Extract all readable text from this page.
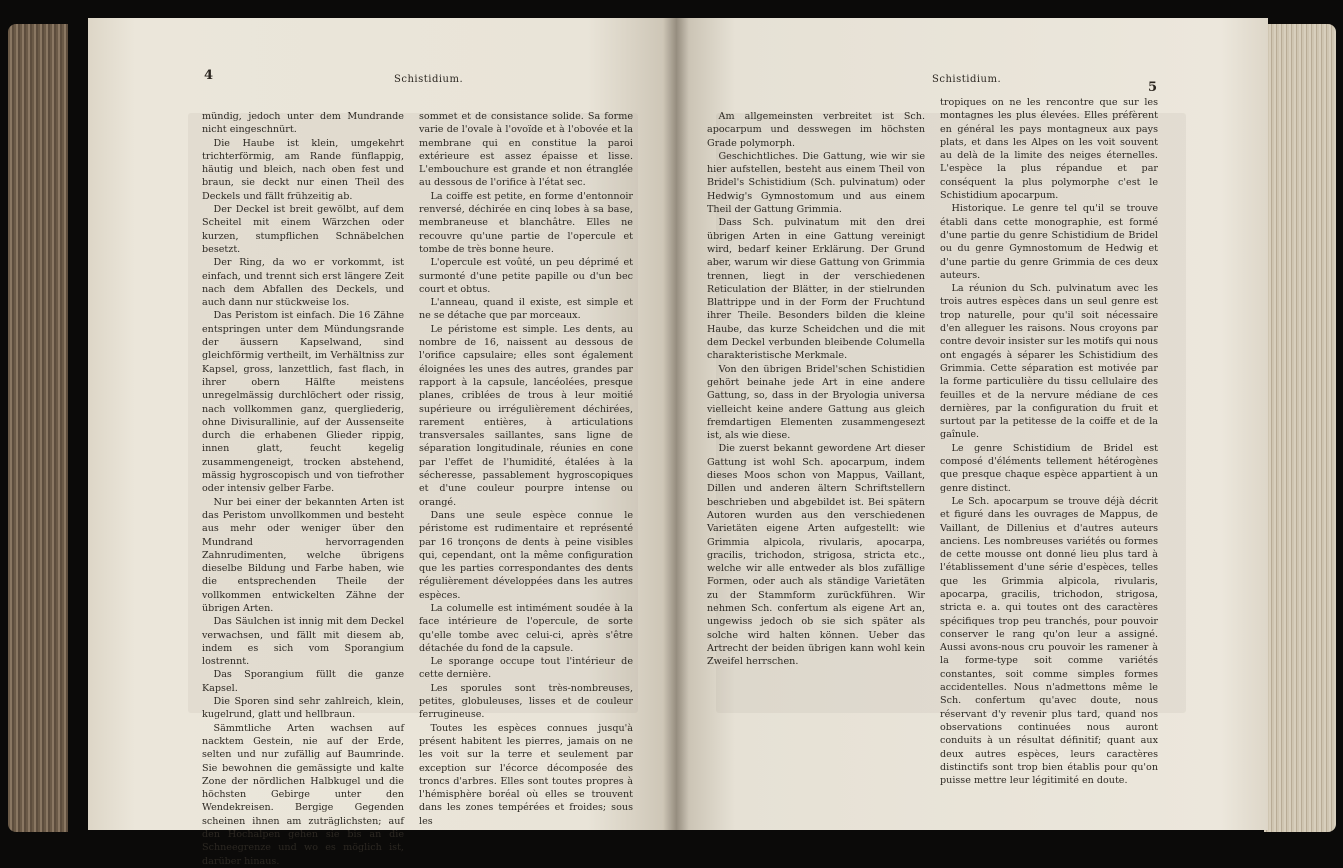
4	Schistidium.	Schistidium.
5

mündig, jedoch unter dem Mundrande nicht eingeschnürt.

Die Haube ist klein, umgekehrt trichterförmig, am Rande fünflappig, häutig und bleich, nach oben fest und braun, sie deckt nur einen Theil des Deckels und fällt frühzeitig ab.

Der Deckel ist breit gewölbt, auf dem Scheitel mit einem Wärzchen oder kurzen, stumpflichen Schnäbelchen besetzt.

Der Ring, da wo er vorkommt, ist einfach, und trennt sich erst längere Zeit nach dem Abfallen des Deckels, und auch dann nur stückweise los.

Das Peristom ist einfach. Die 16 Zähne entspringen unter dem Mündungsrande der äussern Kapselwand, sind gleichförmig vertheilt, im Verhältniss zur Kapsel, gross, lanzettlich, fast flach, in ihrer obern Hälfte meistens unregelmässig durchlöchert oder rissig, nach vollkommen ganz, quergliederig, ohne Divisurallinie, auf der Aussenseite durch die erhabenen Glieder rippig, innen glatt, feucht kegelig zusammengeneigt, trocken abstehend, mässig hygroscopisch und von tiefrother oder intensiv gelber Farbe.

Nur bei einer der bekannten Arten ist das Peristom unvollkommen und besteht aus mehr oder weniger über den Mundrand hervorragenden Zahnrudimenten, welche übrigens dieselbe Bildung und Farbe haben, wie die entsprechenden Theile der vollkommen entwickelten Zähne der übrigen Arten.

Das Säulchen ist innig mit dem Deckel verwachsen, und fällt mit diesem ab, indem es sich vom Sporangium lostrennt.

Das Sporangium füllt die ganze Kapsel.

Die Sporen sind sehr zahlreich, klein, kugelrund, glatt und hellbraun.

Sämmtliche Arten wachsen auf nacktem Gestein, nie auf der Erde, selten und nur zufällig auf Baumrinde. Sie bewohnen die gemässigte und kalte Zone der nördlichen Halbkugel und die höchsten Gebirge unter den Wendekreisen. Bergige Gegenden scheinen ihnen am zuträglichsten; auf den Hochalpen gehen sie bis an die Schneegrenze und wo es möglich ist, darüber hinaus.

sommet et de consistance solide. Sa forme varie de l'ovale à l'ovoïde et à l'obovée et la membrane qui en constitue la paroi extérieure est assez épaisse et lisse. L'embouchure est grande et non étranglée au dessous de l'orifice à l'état sec.

La coiffe est petite, en forme d'entonnoir renversé, déchirée en cinq lobes à sa base, membraneuse et blanchâtre. Elles ne recouvre qu'une partie de l'opercule et tombe de très bonne heure.

L'opercule est voûté, un peu déprimé et surmonté d'une petite papille ou d'un bec court et obtus.

L'anneau, quand il existe, est simple et ne se détache que par morceaux.

Le péristome est simple. Les dents, au nombre de 16, naissent au dessous de l'orifice capsulaire; elles sont également éloignées les unes des autres, grandes par rapport à la capsule, lancéolées, presque planes, criblées de trous à leur moitié supérieure ou irrégulièrement déchirées, rarement entières, à articulations transversales saillantes, sans ligne de séparation longitudinale, réunies en cone par l'effet de l'humidité, étalées à la sécheresse, passablement hygroscopiques et d'une couleur pourpre intense ou orangé.

Dans une seule espèce connue le péristome est rudimentaire et représenté par 16 tronçons de dents à peine visibles qui, cependant, ont la même configuration que les parties correspondantes des dents régulièrement développées dans les autres espèces.

La columelle est intimément soudée à la face intérieure de l'opercule, de sorte qu'elle tombe avec celui-ci, après s'être détachée du fond de la capsule.

Le sporange occupe tout l'intérieur de cette dernière.

Les sporules sont très-nombreuses, petites, globuleuses, lisses et de couleur ferrugineuse.

Toutes les espèces connues jusqu'à présent habitent les pierres, jamais on ne les voit sur la terre et seulement par exception sur l'écorce décomposée des troncs d'arbres. Elles sont toutes propres à l'hémisphère boréal où elles se trouvent dans les zones tempérées et froides; sous les

Am allgemeinsten verbreitet ist Sch. apocarpum und desswegen im höchsten Grade polymorph.

Geschichtliches. Die Gattung, wie wir sie hier aufstellen, besteht aus einem Theil von Bridel's Schistidium (Sch. pulvinatum) oder Hedwig's Gymnostomum und aus einem Theil der Gattung Grimmia.

Dass Sch. pulvinatum mit den drei übrigen Arten in eine Gattung vereinigt wird, bedarf keiner Erklärung. Der Grund aber, warum wir diese Gattung von Grimmia trennen, liegt in der verschiedenen Reticulation der Blätter, in der stielrunden Blattrippe und in der Form der Fruchtund ihrer Theile. Besonders bilden die kleine Haube, das kurze Scheidchen und die mit dem Deckel verbunden bleibende Columella charakteristische Merkmale.

Von den übrigen Bridel'schen Schistidien gehört beinahe jede Art in eine andere Gattung, so, dass in der Bryologia universa vielleicht keine andere Gattung aus gleich fremdartigen Elementen zusammengesezt ist, als wie diese.

Die zuerst bekannt gewordene Art dieser Gattung ist wohl Sch. apocarpum, indem dieses Moos schon von Mappus, Vaillant, Dillen und anderen ältern Schriftstellern beschrieben und abgebildet ist. Bei spätern Autoren wurden aus den verschiedenen Varietäten eigene Arten aufgestellt: wie Grimmia alpicola, rivularis, apocarpa, gracilis, trichodon, strigosa, stricta etc., welche wir alle entweder als blos zufällige Formen, oder auch als ständige Varietäten zu der Stammform zurückführen. Wir nehmen Sch. confertum als eigene Art an, ungewiss jedoch ob sie sich später als solche wird halten können. Ueber das Artrecht der beiden übrigen kann wohl kein Zweifel herrschen.

tropiques on ne les rencontre que sur les montagnes les plus élevées. Elles préfèrent en général les pays montagneux aux pays plats, et dans les Alpes on les voit souvent au delà de la limite des neiges éternelles. L'espèce la plus répandue et par conséquent la plus polymorphe c'est le Schistidium apocarpum.

Historique. Le genre tel qu'il se trouve établi dans cette monographie, est formé d'une partie du genre Schistidium de Bridel ou du genre Gymnostomum de Hedwig et d'une partie du genre Grimmia de ces deux auteurs.

La réunion du Sch. pulvinatum avec les trois autres espèces dans un seul genre est trop naturelle, pour qu'il soit nécessaire d'en alleguer les raisons. Nous croyons par contre devoir insister sur les motifs qui nous ont engagés à séparer les Schistidium des Grimmia. Cette séparation est motivée par la forme particulière du tissu cellulaire des feuilles et de la nervure médiane de ces dernières, par la configuration du fruit et surtout par la petitesse de la coiffe et de la gaînule.

Le genre Schistidium de Bridel est composé d'éléments tellement hétérogènes que presque chaque espèce appartient à un genre distinct.

Le Sch. apocarpum se trouve déjà décrit et figuré dans les ouvrages de Mappus, de Vaillant, de Dillenius et d'autres auteurs anciens. Les nombreuses variétés ou formes de cette mousse ont donné lieu plus tard à l'établissement d'une série d'espèces, telles que les Grimmia alpicola, rivularis, apocarpa, gracilis, trichodon, strigosa, stricta e. a. qui toutes ont des caractères spécifiques trop peu tranchés, pour pouvoir conserver le rang qu'on leur a assigné. Aussi avons-nous cru pouvoir les ramener à la forme-type soit comme variétés constantes, soit comme simples formes accidentelles. Nous n'admettons même le Sch. confertum qu'avec doute, nous réservant d'y revenir plus tard, quand nos observations continuées nous auront conduits à un résultat définitif; quant aux deux autres espèces, leurs caractères distinctifs sont trop bien établis pour qu'on puisse mettre leur légitimité en doute.
